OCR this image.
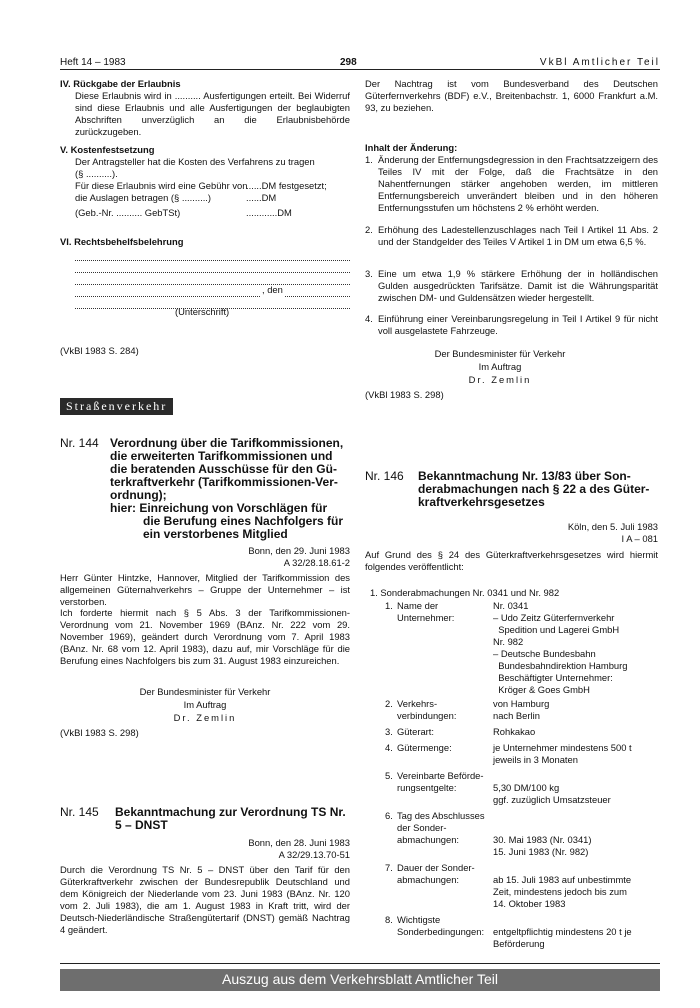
Heft 14 – 1983	298	VkBl Amtlicher Teil
IV. Rückgabe der Erlaubnis
Diese Erlaubnis wird in .......... Ausfertigungen erteilt. Bei Widerruf sind diese Erlaubnis und alle Ausfertigungen der beglaubigten Abschriften unverzüglich an die Erlaubnisbehörde zurückzugeben.
V. Kostenfestsetzung
Der Antragsteller hat die Kosten des Verfahrens zu tragen
(§ ..........).
Für diese Erlaubnis wird eine Gebühr von
......DM festgesetzt;
die Auslagen betragen (§ ..........)	......DM
(Geb.-Nr. .......... GebTSt)	............DM
VI. Rechtsbehelfsbelehrung
, den
(Unterschrift)
(VkBl 1983 S. 284)
Der Nachtrag ist vom Bundesverband des Deutschen Güterfernverkehrs (BDF) e.V., Breitenbachstr. 1, 6000 Frankfurt a.M. 93, zu beziehen.
Inhalt der Änderung:
1. Änderung der Entfernungsdegression in den Frachtsatzzeigern des Teiles IV mit der Folge, daß die Frachtsätze in den Nahentfernungen stärker angehoben werden, im mittleren Entfernungsbereich unverändert bleiben und in den höheren Entfernungsstufen um höchstens 2 % erhöht werden.
2. Erhöhung des Ladestellenzuschlages nach Teil I Artikel 11 Abs. 2 und der Standgelder des Teiles V Artikel 1 in DM um etwa 6,5 %.
3. Eine um etwa 1,9 % stärkere Erhöhung der in holländischen Gulden ausgedrückten Tarifsätze. Damit ist die Währungsparität zwischen DM- und Guldensätzen wieder hergestellt.
4. Einführung einer Vereinbarungsregelung in Teil I Artikel 9 für nicht voll ausgelastete Fahrzeuge.
Der Bundesminister für Verkehr
Im Auftrag
Dr. Zemlin
(VkBl 1983 S. 298)
Straßenverkehr
Nr. 144 Verordnung über die Tarifkommissionen,
die erweiterten Tarifkommissionen und
die beratenden Ausschüsse für den Gü-
terkraftverkehr (Tarifkommissionen-Ver-
ordnung);
hier: Einreichung von Vorschlägen für
die Berufung eines Nachfolgers für
ein verstorbenes Mitglied
Bonn, den 29. Juni 1983
A 32/28.18.61-2
Herr Günter Hintzke, Hannover, Mitglied der Tarifkommission des allgemeinen Güternahverkehrs – Gruppe der Unternehmer – ist verstorben.
Ich forderte hiermit nach § 5 Abs. 3 der Tarifkommissionen-Verordnung vom 21. November 1969 (BAnz. Nr. 222 vom 29. November 1969), geändert durch Verordnung vom 7. April 1983 (BAnz. Nr. 68 vom 12. April 1983), dazu auf, mir Vorschläge für die Berufung eines Nachfolgers bis zum 31. August 1983 einzureichen.
Der Bundesminister für Verkehr
Im Auftrag
Dr. Zemlin
(VkBl 1983 S. 298)
Nr. 145 Bekanntmachung zur Verordnung TS Nr.
5 – DNST
Bonn, den 28. Juni 1983
A 32/29.13.70-51
Durch die Verordnung TS Nr. 5 – DNST über den Tarif für den Güterkraftverkehr zwischen der Bundesrepublik Deutschland und dem Königreich der Niederlande vom 23. Juni 1983 (BAnz. Nr. 120 vom 2. Juli 1983), die am 1. August 1983 in Kraft tritt, wird der Deutsch-Niederländische Straßengütertarif (DNST) gemäß Nachtrag 4 geändert.
Nr. 146 Bekanntmachung Nr. 13/83 über Son-
derabmachungen nach § 22 a des Güter-
kraftverkehrsgesetzes
Köln, den 5. Juli 1983
I A – 081
Auf Grund des § 24 des Güterkraftverkehrsgesetzes wird hiermit folgendes veröffentlicht:
1. Sonderabmachungen Nr. 0341 und Nr. 982
1. Name der
Unternehmer:
Nr. 0341
– Udo Zeitz Güterfernverkehr
Spedition und Lagerei GmbH
Nr. 982
– Deutsche Bundesbahn
Bundesbahndirektion Hamburg
Beschäftigter Unternehmer:
Kröger & Goes GmbH
2. Verkehrs-
verbindungen:
von Hamburg
nach Berlin
3. Güterart:	Rohkakao
4. Gütermenge:	je Unternehmer mindestens 500 t
jeweils in 3 Monaten
5. Vereinbarte Beförde-
rungsentgelte:	5,30 DM/100 kg
ggf. zuzüglich Umsatzsteuer
6. Tag des Abschlusses
der Sonder-
abmachungen:	30. Mai 1983 (Nr. 0341)
15. Juni 1983 (Nr. 982)
7. Dauer der Sonder-
abmachungen:	ab 15. Juli 1983 auf unbestimmte
Zeit, mindestens jedoch bis zum
14. Oktober 1983
8. Wichtigste
Sonderbedingungen: entgeltpflichtig mindestens 20 t je
Beförderung
Auszug aus dem Verkehrsblatt Amtlicher Teil
